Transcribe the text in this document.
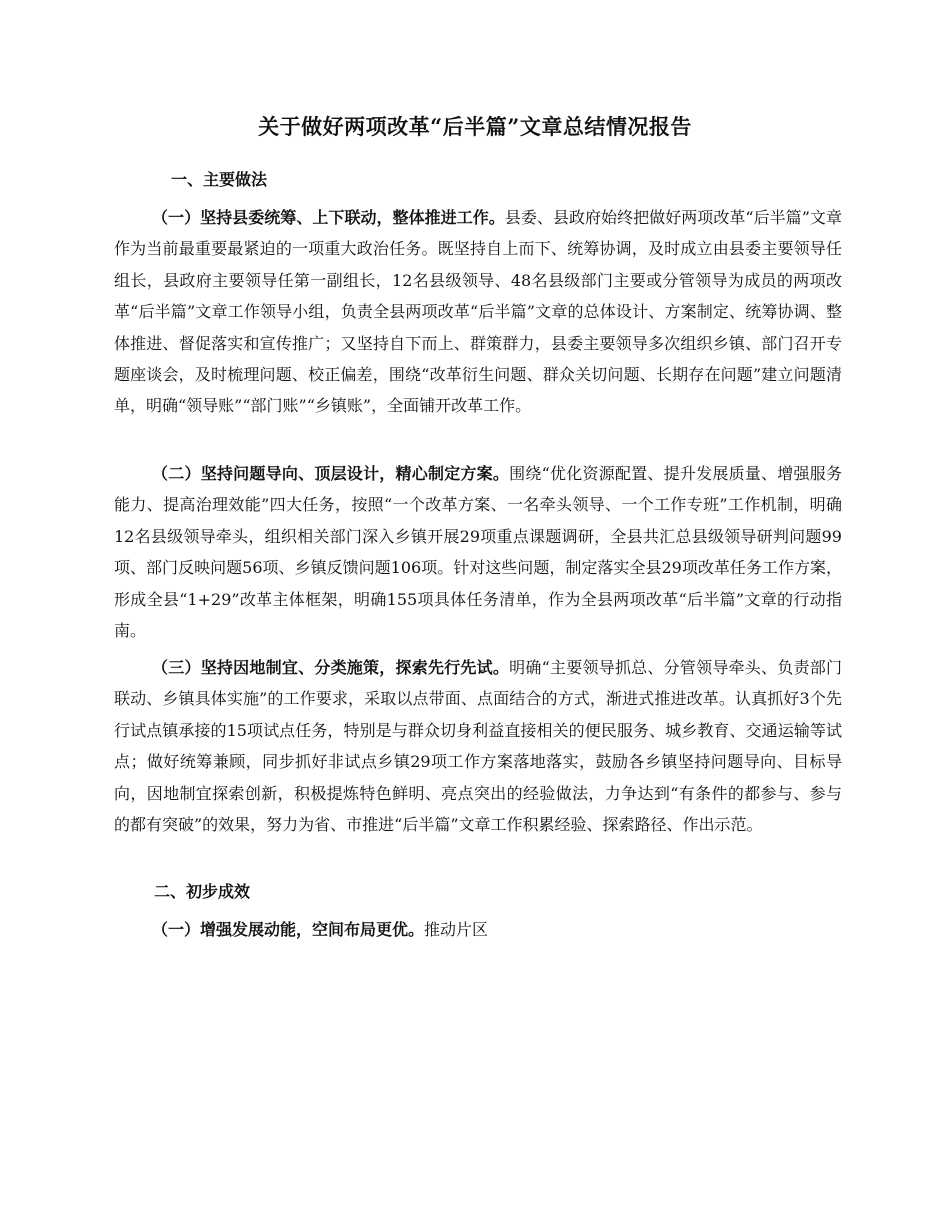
关于做好两项改革“后半篇”文章总结情况报告
一、主要做法

（一）坚持县委统筹、上下联动，整体推进工作。县委、县政府始终把做好两项改革“后半篇”文章作为当前最重要最紧迫的一项重大政治任务。既坚持自上而下、统筹协调，及时成立由县委主要领导任组长，县政府主要领导任第一副组长，12名县级领导、48名县级部门主要或分管领导为成员的两项改革“后半篇”文章工作领导小组，负责全县两项改革“后半篇”文章的总体设计、方案制定、统筹协调、整体推进、督促落实和宣传推广；又坚持自下而上、群策群力，县委主要领导多次组织乡镇、部门召开专题座谈会，及时梳理问题、校正偏差，围绕“改革衍生问题、群众关切问题、长期存在问题”建立问题清单，明确“领导账”“部门账”“乡镇账”，全面铺开改革工作。

（二）坚持问题导向、顶层设计，精心制定方案。围绕“优化资源配置、提升发展质量、增强服务能力、提高治理效能”四大任务，按照“一个改革方案、一名牵头领导、一个工作专班”工作机制，明确12名县级领导牵头，组织相关部门深入乡镇开展29项重点课题调研，全县共汇总县级领导研判问题99项、部门反映问题56项、乡镇反馈问题106项。针对这些问题，制定落实全县29项改革任务工作方案，形成全县“1+29”改革主体框架，明确155项具体任务清单，作为全县两项改革“后半篇”文章的行动指南。

（三）坚持因地制宜、分类施策，探索先行先试。明确“主要领导抓总、分管领导牵头、负责部门联动、乡镇具体实施”的工作要求，采取以点带面、点面结合的方式，渐进式推进改革。认真抓好3个先行试点镇承接的15项试点任务，特别是与群众切身利益直接相关的便民服务、城乡教育、交通运输等试点；做好统筹兼顾，同步抓好非试点乡镇29项工作方案落地落实，鼓励各乡镇坚持问题导向、目标导向，因地制宜探索创新，积极提炼特色鲜明、亮点突出的经验做法，力争达到“有条件的都参与、参与的都有突破”的效果，努力为省、市推进“后半篇”文章工作积累经验、探索路径、作出示范。

二、初步成效

（一）增强发展动能，空间布局更优。推动片区
